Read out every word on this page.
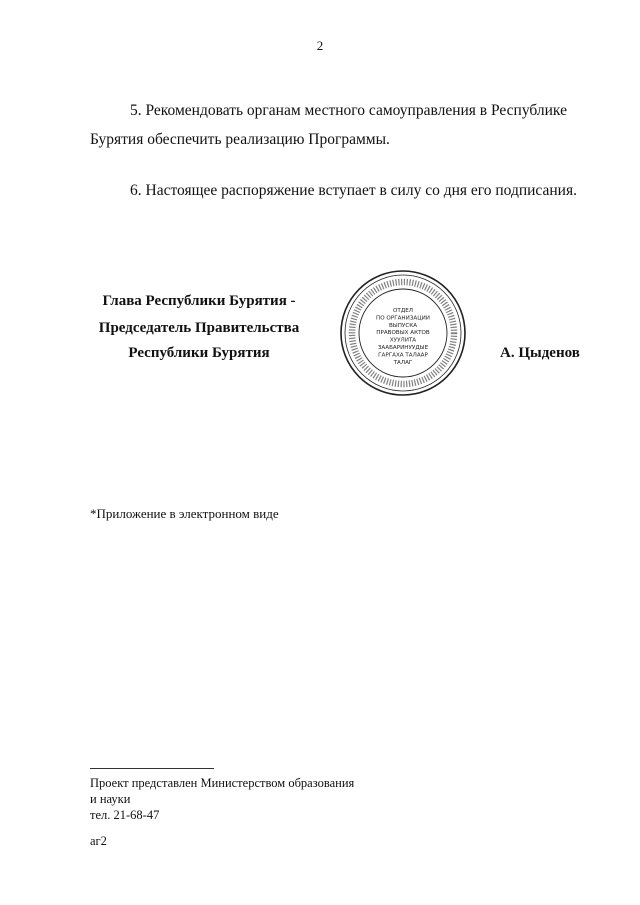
2
5. Рекомендовать органам местного самоуправления в Республике
Бурятия обеспечить реализацию Программы.
6. Настоящее распоряжение вступает в силу со дня его подписания.
Глава Республики Бурятия -
Председатель Правительства
Республики Бурятия
ОТДЕЛ
ПО ОРГАНИЗАЦИИ
ВЫПУСКА
ПРАВОВЫХ АКТОВ
ХУУЛИТА
ЗААБАРИНУУДЫЕ
ГАРГАХА ТАЛААР
ТАЛАГ
А. Цыденов
*Приложение в электронном виде
Проект представлен Министерством образования
и науки
тел. 21-68-47
аг2
